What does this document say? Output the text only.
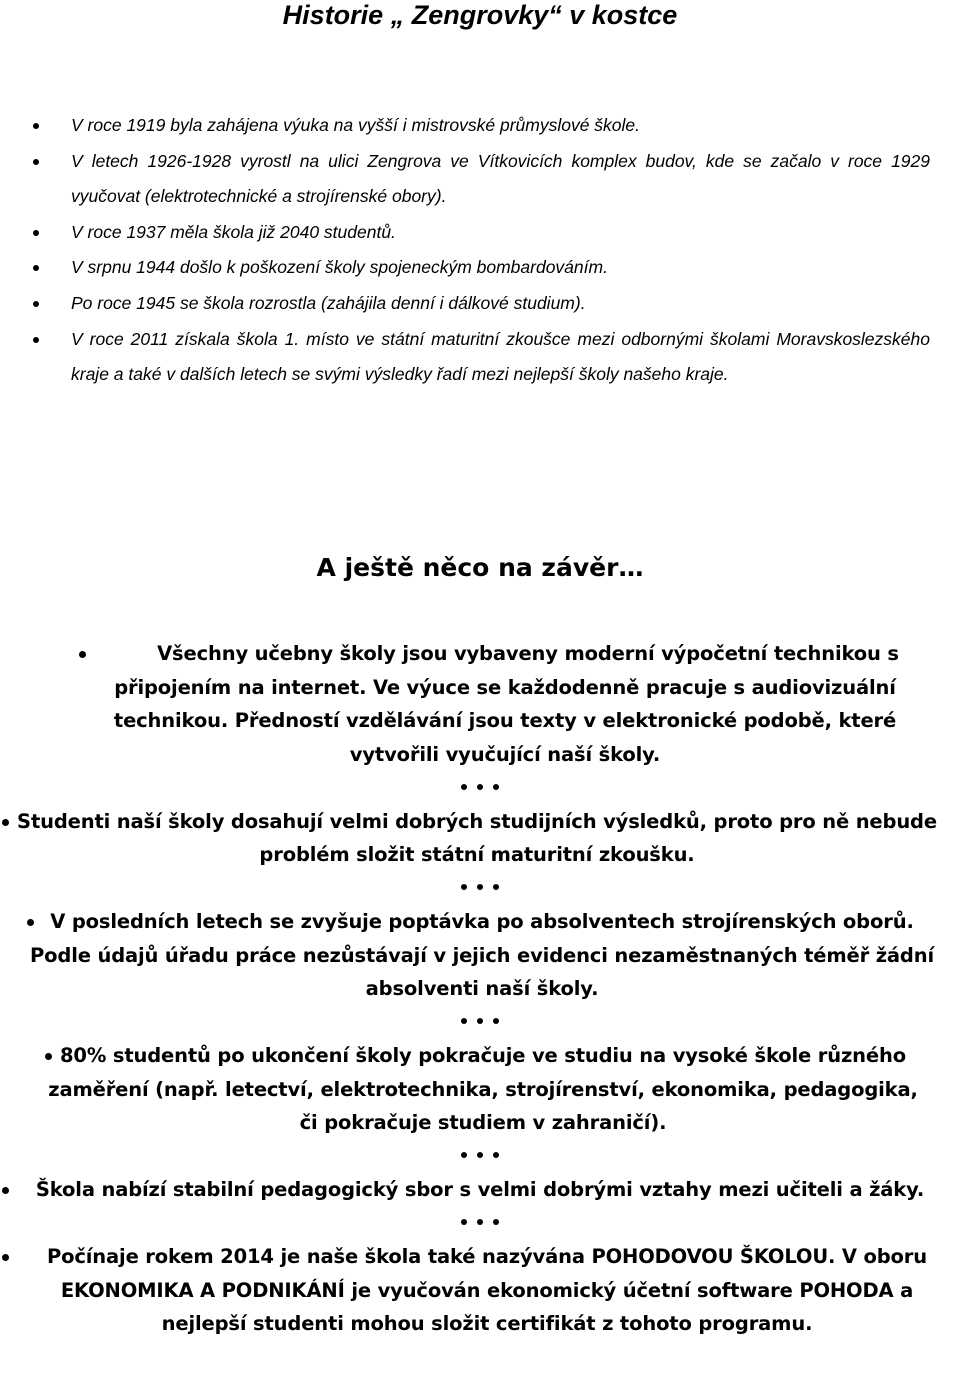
Historie „ Zengrovky“ v kostce
V roce 1919 byla zahájena výuka na vyšší i mistrovské průmyslové škole.
V letech 1926-1928 vyrostl na ulici Zengrova ve Vítkovicích komplex budov, kde se začalo v roce 1929 vyučovat (elektrotechnické a strojírenské obory).
V roce 1937 měla škola již 2040 studentů.
V srpnu 1944 došlo k poškození školy spojeneckým bombardováním.
Po roce 1945 se škola rozrostla (zahájila denní i dálkové studium).
V roce 2011 získala škola 1. místo ve státní maturitní zkoušce mezi odbornými školami Moravskoslezského kraje a také v dalších letech se svými výsledky řadí mezi nejlepší školy našeho kraje.
A ještě něco na závěr…
Všechny učebny školy jsou vybaveny moderní výpočetní technikou s připojením na internet. Ve výuce se každodenně pracuje s audiovizuální technikou. Předností vzdělávání jsou texty v elektronické podobě, které vytvořili vyučující naší školy.
Studenti naší školy dosahují velmi dobrých studijních výsledků, proto pro ně nebude problém složit státní maturitní zkoušku.
V posledních letech se zvyšuje poptávka po absolventech strojírenských oborů. Podle údajů úřadu práce nezůstávají v jejich evidenci nezaměstnaných téměř žádní absolventi naší školy.
80% studentů po ukončení školy pokračuje ve studiu na vysoké škole různého zaměření (např. letectví, elektrotechnika, strojírenství, ekonomika, pedagogika, či pokračuje studiem v zahraničí).
Škola nabízí stabilní pedagogický sbor s velmi dobrými vztahy mezi učiteli a žáky.
Počínaje rokem 2014 je naše škola také nazývána POHODOVOU ŠKOLOU. V oboru EKONOMIKA A PODNIKÁNÍ je vyučován ekonomický účetní software POHODA a nejlepší studenti mohou složit certifikát z tohoto programu.
